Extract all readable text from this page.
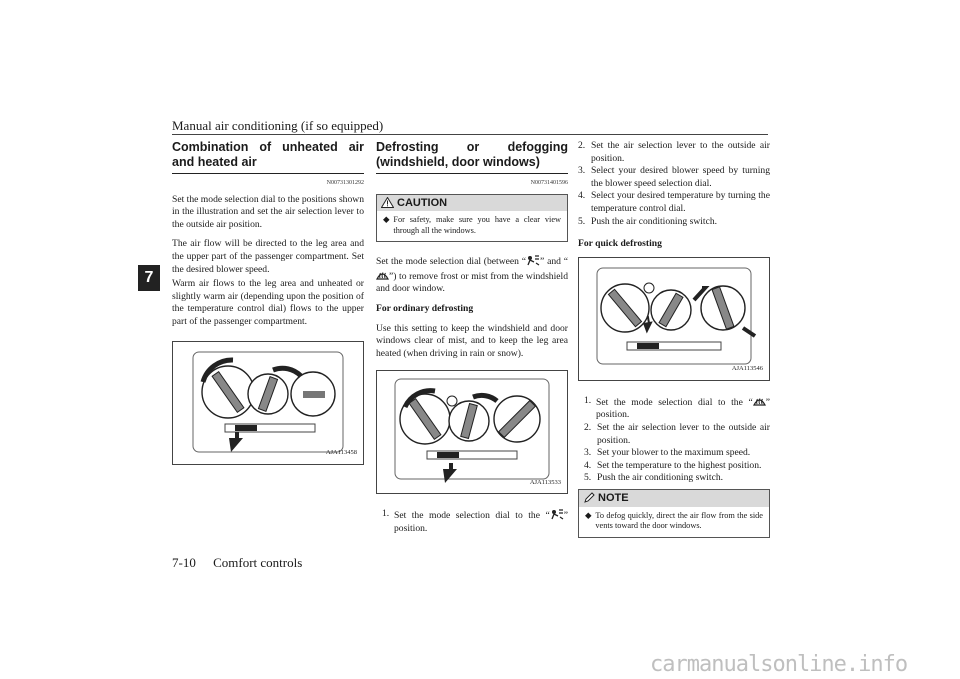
Manual air conditioning (if so equipped)
7
Combination of unheated air and heated air
N00731301292

Set the mode selection dial to the positions shown in the illustration and set the air selection lever to the outside air position.

The air flow will be directed to the leg area and the upper part of the passenger compartment. Set the desired blower speed.

Warm air flows to the leg area and unheated or slightly warm air (depending upon the position of the temperature control dial) flows to the upper part of the passenger compartment.

AJA113458
Defrosting or defogging (windshield, door windows)
N00731401596
CAUTION
◆ For safety, make sure you have a clear view through all the windows.

Set the mode selection dial (between “ ” and “”) to remove frost or mist from the windshield and door window.

For ordinary defrosting

Use this setting to keep the windshield and door windows clear of mist, and to keep the leg area heated (when driving in rain or snow).

AJA113533
1. Set the mode selection dial to the “ ” position.
2. Set the air selection lever to the outside air position.
3. Select your desired blower speed by turning the blower speed selection dial.
4. Select your desired temperature by turning the temperature control dial.
5. Push the air conditioning switch.

For quick defrosting

AJA113546
1. Set the mode selection dial to the “ ” position.
2. Set the air selection lever to the outside air position.
3. Set your blower to the maximum speed.
4. Set the temperature to the highest position.
5. Push the air conditioning switch.
NOTE
◆ To defog quickly, direct the air flow from the side vents toward the door windows.
7-10 Comfort controls
carmanualsonline.info
